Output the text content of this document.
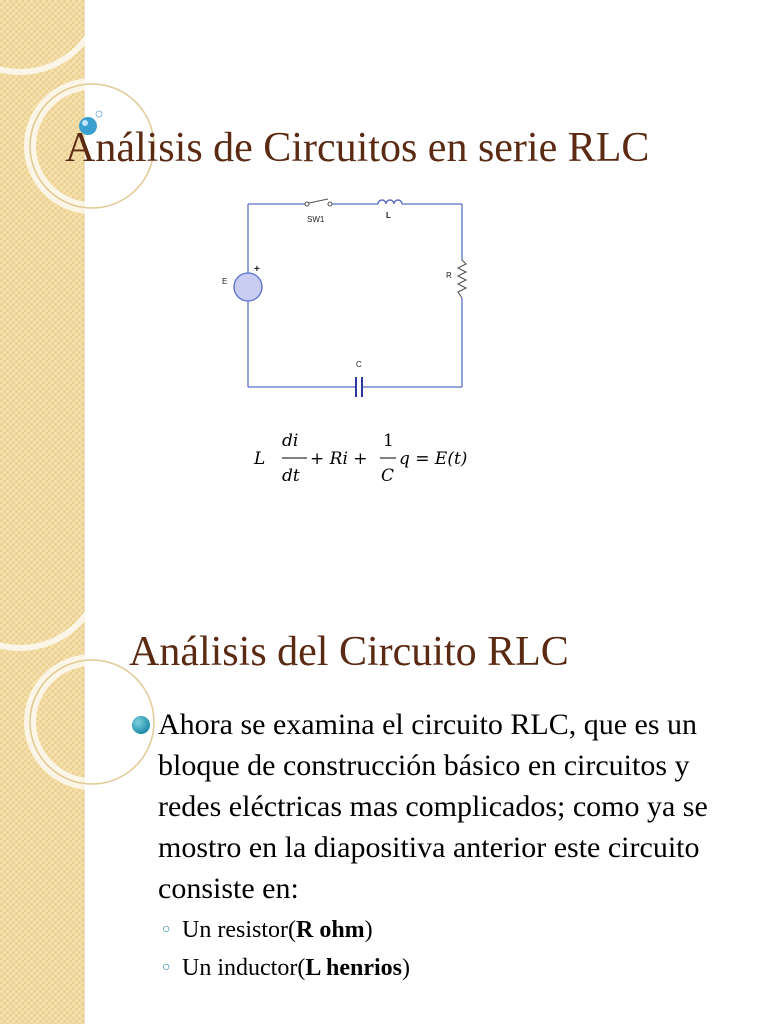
Análisis de Circuitos en serie RLC
SW1	L
R
E
+
C
L
di
dt
+ Ri +
1
C
q = E(t)
Análisis del Circuito RLC

Ahora se examina el circuito RLC, que es un bloque de construcción básico en circuitos y redes eléctricas mas complicados; como ya se mostro en la diapositiva anterior este circuito consiste en:

○ Un resistor(R ohm)

○ Un inductor(L henrios)
